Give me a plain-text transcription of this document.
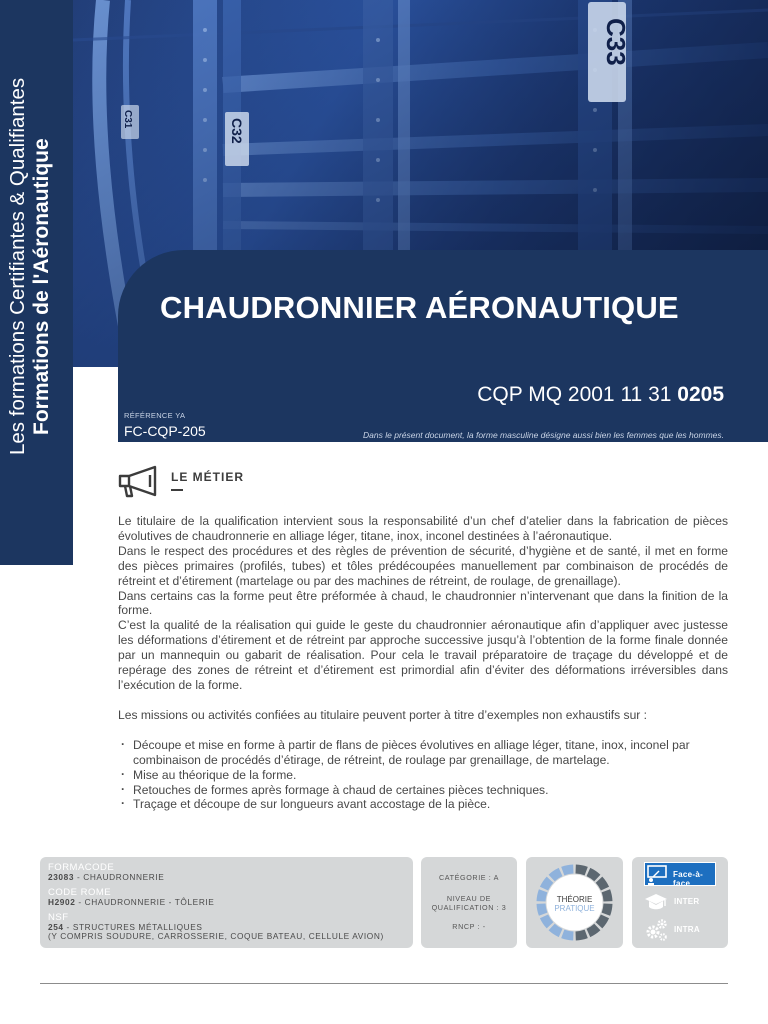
Les formations Certifiantes & Qualifiantes Formations de l'Aéronautique
C33
C32
C31
CHAUDRONNIER AÉRONAUTIQUE
CQP MQ 2001 11 31 0205
RÉFÉRENCE YA
FC-CQP-205	Dans le présent document, la forme masculine désigne aussi bien les femmes que les hommes.
LE MÉTIER

Le titulaire de la qualification intervient sous la responsabilité d’un chef d’atelier dans la fabrication de pièces évolutives de chaudronnerie en alliage léger, titane, inox, inconel destinées à l’aéronautique.

Dans le respect des procédures et des règles de prévention de sécurité, d’hygiène et de santé, il met en forme des pièces primaires (profilés, tubes) et tôles prédécoupées manuellement par combinaison de procédés de rétreint et d’étirement (martelage ou par des machines de rétreint, de roulage, de grenaillage).

Dans certains cas la forme peut être préformée à chaud, le chaudronnier n’intervenant que dans la finition de la forme.

C’est la qualité de la réalisation qui guide le geste du chaudronnier aéronautique afin d’appliquer avec justesse les déformations d’étirement et de rétreint par approche successive jusqu’à l’obtention de la forme finale donnée par un mannequin ou gabarit de réalisation. Pour cela le travail préparatoire de traçage du développé et de repérage des zones de rétreint et d’étirement est primordial afin d’éviter des déformations irréversibles dans l’exécution de la forme.

Les missions ou activités confiées au titulaire peuvent porter à titre d’exemples non exhaustifs sur :

· Découpe et mise en forme à partir de flans de pièces évolutives en alliage léger, titane, inox, inconel par combinaison de procédés d’étirage, de rétreint, de roulage par grenaillage, de martelage.
· Mise au théorique de la forme.
· Retouches de formes après formage à chaud de certaines pièces techniques.
· Traçage et découpe de sur longueurs avant accostage de la pièce.
FORMACODE
23083 - CHAUDRONNERIE
CODE ROME
H2902 - CHAUDRONNERIE - TÔLERIE
NSF
254 - STRUCTURES MÉTALLIQUES
(Y COMPRIS SOUDURE, CARROSSERIE, COQUE BATEAU, CELLULE AVION)
CATÉGORIE : A
NIVEAU DE
QUALIFICATION : 3
RNCP : -
THÉORIE
PRATIQUE
Face-à-face
INTER
INTRA
